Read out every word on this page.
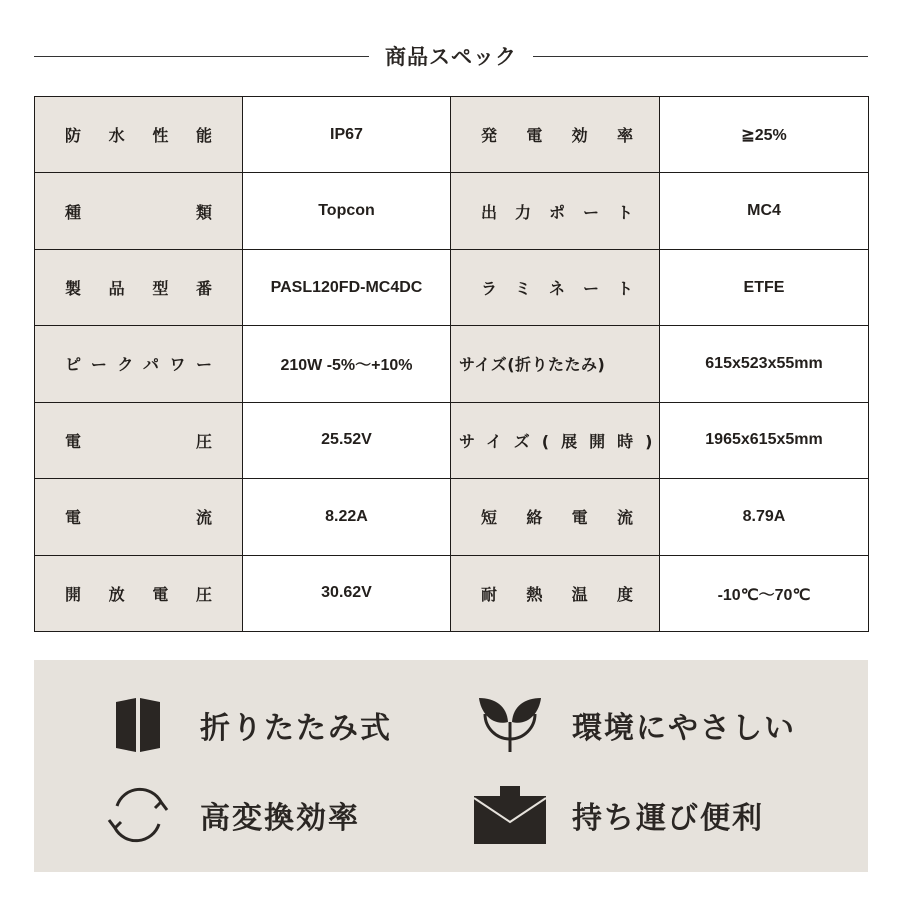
商品スペック
防水性能	IP67	発電効率	≧25%
種類	Topcon	出力ポート	MC4
製品型番	PASL120FD-MC4DC	ラミネート	ETFE
ピークパワー	210W -5%～+10%	サイズ(折りたたみ)	615x523x55mm
電圧	25.52V	サイズ(展開時)	1965x615x5mm
電流	8.22A	短絡電流	8.79A
開放電圧	30.62V	耐熱温度	-10℃～70℃
折りたたみ式	環境にやさしい
高変換効率	持ち運び便利
